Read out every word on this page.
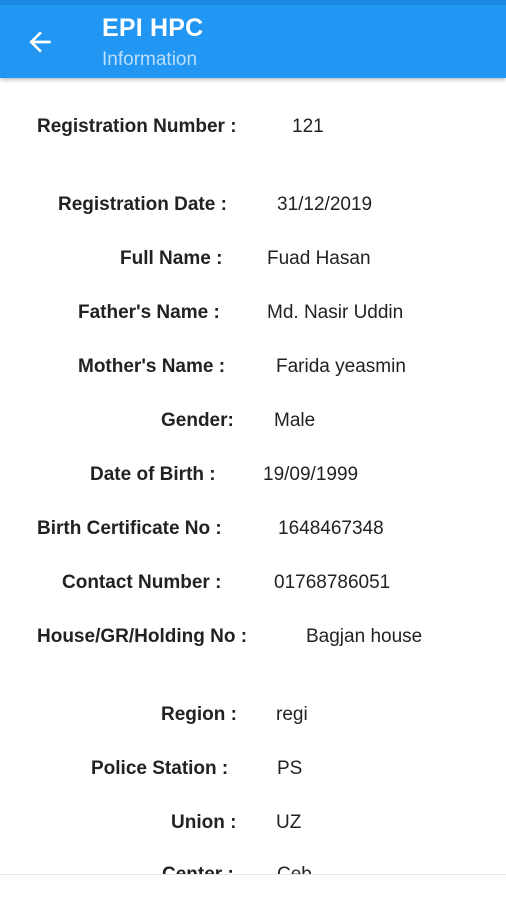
EPI HPC
Information
Registration Number :	121
Registration Date :	31/12/2019
Full Name : Fuad Hasan
Father's Name : Md. Nasir Uddin
Mother's Name :	Farida yeasmin
Gender: Male
Date of Birth : 19/09/1999
Birth Certificate No :	1648467348
Contact Number :	01768786051
House/GR/Holding No :	Bagjan house
Region : regi
Police Station :	PS
Union : UZ
